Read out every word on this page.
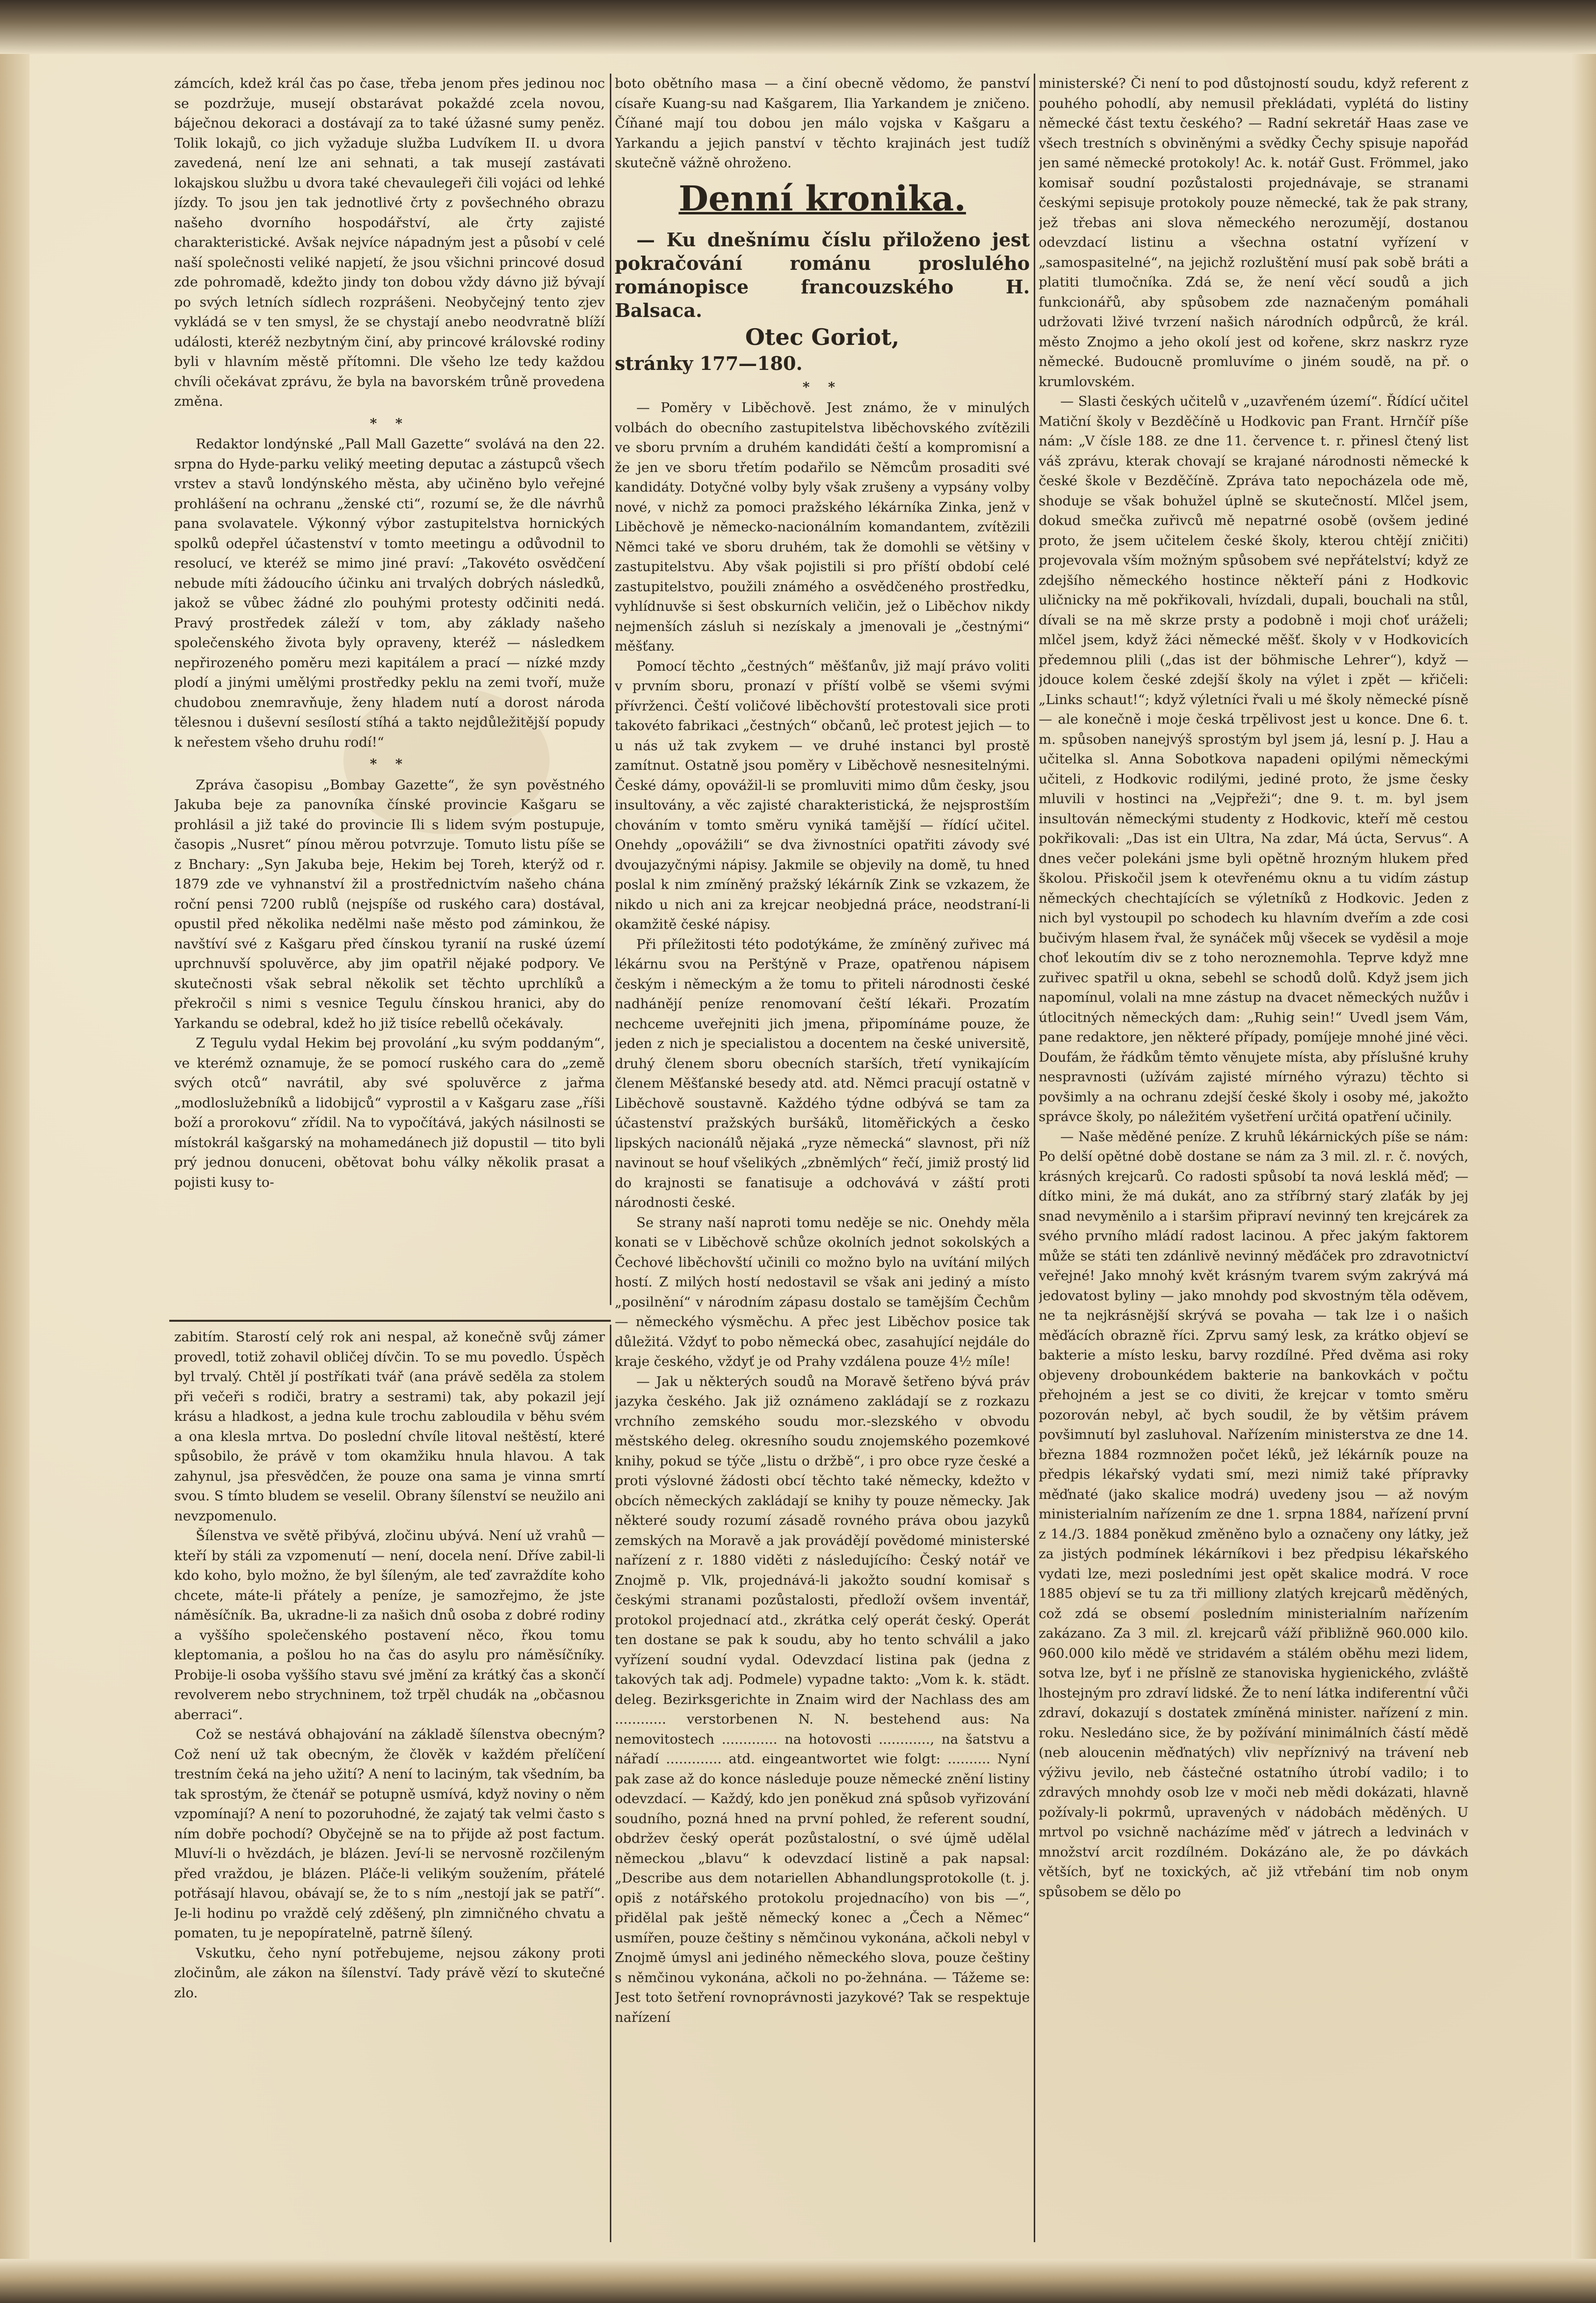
zámcích, kdež král čas po čase, třeba jenom přes jedinou noc se pozdržuje, musejí obstarávat pokaždé zcela novou, báječnou dekoraci a dostávají za to také úžasné sumy peněz. Tolik lokajů, co jich vyžaduje služba Ludvíkem II. u dvora zavedená, není lze ani sehnati, a tak musejí zastávati lokajskou službu u dvora také chevaulegeři čili vojáci od lehké jízdy. To jsou jen tak jednotlivé črty z povšechného obrazu našeho dvorního hospodářství, ale črty zajisté charakteristické. Avšak nejvíce nápadným jest a působí v celé naší společnosti veliké napjetí, že jsou všichni princové dosud zde pohromadě, kdežto jindy ton dobou vždy dávno již bývají po svých letních sídlech rozprášeni. Neobyčejný tento zjev vykládá se v ten smysl, že se chystají anebo neodvratně blíží události, kteréž nezbytným činí, aby princové královské rodiny byli v hlavním městě přítomni. Dle všeho lze tedy každou chvíli očekávat zprávu, že byla na bavorském trůně provedena změna.

* *

Redaktor londýnské „Pall Mall Gazette“ svolává na den 22. srpna do Hyde-parku veliký meeting deputac a zástupců všech vrstev a stavů londýnského města, aby učiněno bylo veřejné prohlášení na ochranu „ženské cti“, rozumí se, že dle návrhů pana svolavatele. Výkonný výbor zastupitelstva hornických spolků odepřel účastenství v tomto meetingu a odůvodnil to resolucí, ve kteréž se mimo jiné praví: „Takovéto osvědčení nebude míti žádoucího účinku ani trvalých dobrých následků, jakož se vůbec žádné zlo pouhými protesty odčiniti nedá. Pravý prostředek záleží v tom, aby základy našeho společenského života byly opraveny, kteréž — následkem nepřirozeného poměru mezi kapitálem a prací — nízké mzdy plodí a jinými umělými prostředky peklu na zemi tvoří, muže chudobou znemravňuje, ženy hladem nutí a dorost národa tělesnou i duševní sesílostí stíhá a takto nejdůležitější popudy k neřestem všeho druhu rodí!“

* *

Zpráva časopisu „Bombay Gazette“, že syn pověstného Jakuba beje za panovníka čínské provincie Kašgaru se prohlásil a již také do provincie Ili s lidem svým postupuje, časopis „Nusret“ pínou měrou potvrzuje. Tomuto listu píše se z Bnchary: „Syn Jakuba beje, Hekim bej Toreh, kterýž od r. 1879 zde ve vyhnanství žil a prostřednictvím našeho chána roční pensi 7200 rublů (nejspíše od ruského cara) dostával, opustil před několika nedělmi naše město pod záminkou, že navštíví své z Kašgaru před čínskou tyranií na ruské území uprchnuvší spoluvěrce, aby jim opatřil nějaké podpory. Ve skutečnosti však sebral několik set těchto uprchlíků a překročil s nimi s vesnice Tegulu čínskou hranici, aby do Yarkandu se odebral, kdež ho již tisíce rebellů očekávaly.

Z Tegulu vydal Hekim bej provolání „ku svým poddaným“, ve kterémž oznamuje, že se pomocí ruského cara do „země svých otců“ navrátil, aby své spoluvěrce z jařma „modloslužebníků a lidobijců“ vyprostil a v Kašgaru zase „říši boží a prorokovu“ zřídil. Na to vypočítává, jakých násilnosti se místokrál kašgarský na mohamedánech již dopustil — tito byli prý jednou donuceni, obětovat bohu války několik prasat a pojisti kusy to-

boto obětního masa — a činí obecně vědomo, že panství císaře Kuang-su nad Kašgarem, Ilia Yarkandem je zničeno. Číňané mají tou dobou jen málo vojska v Kašgaru a Yarkandu a jejich panství v těchto krajinách jest tudíž skutečně vážně ohroženo.

Denní kronika.

— Ku dnešnímu číslu přiloženo jest pokračování románu proslulého románopisce francouzského H. Balsaca.

Otec Goriot,
stránky 177—180.
* *

— Poměry v Liběchově. Jest známo, že v minulých volbách do obecního zastupitelstva liběchovského zvítězili ve sboru prvním a druhém kandidáti čeští a kompromisní a že jen ve sboru třetím podařilo se Němcům prosaditi své kandidáty. Dotyčné volby byly však zrušeny a vypsány volby nové, v nichž za pomoci pražského lékárníka Zinka, jenž v Liběchově je německo-nacionálním komandantem, zvítězili Němci také ve sboru druhém, tak že domohli se většiny v zastupitelstvu. Aby však pojistili si pro příští období celé zastupitelstvo, použili známého a osvědčeného prostředku, vyhlídnuvše si šest obskurních veličin, jež o Liběchov nikdy nejmenších zásluh si nezískaly a jmenovali je „čestnými“ měšťany.

Pomocí těchto „čestných“ měšťanův, již mají právo voliti v prvním sboru, pronazí v příští volbě se všemi svými přívrženci. Čeští voličové liběchovští protestovali sice proti takovéto fabrikaci „čestných“ občanů, leč protest jejich — to u nás už tak zvykem — ve druhé instanci byl prostě zamítnut. Ostatně jsou poměry v Liběchově nesnesitelnými. České dámy, opovážil-li se promluviti mimo dům česky, jsou insultovány, a věc zajisté charakteristická, že nejsprostším chováním v tomto směru vyniká tamější — řídící učitel. Onehdy „opovážili“ se dva živnostníci opatřiti závody své dvoujazyčnými nápisy. Jakmile se objevily na domě, tu hned poslal k nim zmíněný pražský lékárník Zink se vzkazem, že nikdo u nich ani za krejcar neobjedná práce, neodstraní-li okamžitě české nápisy.

Při příležitosti této podotýkáme, že zmíněný zuřivec má lékárnu svou na Perštýně v Praze, opatřenou nápisem českým i německým a že tomu to přiteli národnosti české nadhánějí peníze renomovaní čeští lékaři. Prozatím nechceme uveřejniti jich jmena, připomínáme pouze, že jeden z nich je specialistou a docentem na české universitě, druhý členem sboru obecních starších, třetí vynikajícím členem Měšťanské besedy atd. atd. Němci pracují ostatně v Liběchově soustavně. Každého týdne odbývá se tam za účastenství pražských buršáků, litoměřických a česko lipských nacionálů nějaká „ryze německá“ slavnost, při níž navinout se houf všelikých „zbněmlých“ řečí, jimiž prostý lid do krajnosti se fanatisuje a odchovává v záští proti národnosti české.

Se strany naší naproti tomu neděje se nic. Onehdy měla konati se v Liběchově schůze okolních jednot sokolských a Čechové liběchovští učinili co možno bylo na uvítání milých hostí. Z milých hostí nedostavil se však ani jediný a místo „posilnění“ v národním zápasu dostalo se tamějším Čechům — německého výsměchu. A přec jest Liběchov posice tak důležitá. Vždyť to pobo německá obec, zasahující nejdále do kraje českého, vždyť je od Prahy vzdálena pouze 4½ míle!

— Jak u některých soudů na Moravě šetřeno bývá práv jazyka českého. Jak již oznámeno zakládají se z rozkazu vrchního zemského soudu mor.-slezského v obvodu městského deleg. okresního soudu znojemského pozemkové knihy, pokud se týče „listu o držbě“, i pro obce ryze české a proti výslovné žádosti obcí těchto také německy, kdežto v obcích německých zakládají se knihy ty pouze německy. Jak některé soudy rozumí zásadě rovného práva obou jazyků zemských na Moravě a jak provádějí povědomé ministerské nařízení z r. 1880 viděti z následujícího: Český notář ve Znojmě p. Vlk, projednává-li jakožto soudní komisař s českými stranami pozůstalosti, předloží ovšem inventář, protokol projednací atd., zkrátka celý operát český. Operát ten dostane se pak k soudu, aby ho tento schválil a jako vyřízení soudní vydal. Odevzdací listina pak (jedna z takových tak adj. Podmele) vypadne takto: „Vom k. k. städt. deleg. Bezirksgerichte in Znaim wird der Nachlass des am ............ verstorbenen N. N. bestehend aus: Na nemovitostech ............. na hotovosti ............, na šatstvu a nářadí ............. atd. eingeantwortet wie folgt: .......... Nyní pak zase až do konce následuje pouze německé znění listiny odevzdací. — Každý, kdo jen poněkud zná spůsob vyřizování soudního, pozná hned na první pohled, že referent soudní, obdržev český operát pozůstalostní, o své újmě udělal německou „blavu“ k odevzdací listině a pak napsal: „Describe aus dem notariellen Abhandlungsprotokolle (t. j. opiš z notářského protokolu projednacího) von bis —“, přidělal pak ještě německý konec a „Čech a Němec“ usmířen, pouze češtiny s němčinou vykonána, ačkoli nebyl v Znojmě úmysl ani jediného německého slova, pouze češtiny s němčinou vykonána, ačkoli no po-žehnána. — Tážeme se: Jest toto šetření rovnoprávnosti jazykové? Tak se respektuje nařízení

ministerské? Či není to pod důstojností soudu, když referent z pouhého pohodlí, aby nemusil překládati, vyplétá do listiny německé část textu českého? — Radní sekretář Haas zase ve všech trestních s obviněnými a svědky Čechy spisuje napořád jen samé německé protokoly! Ac. k. notář Gust. Frömmel, jako komisař soudní pozůstalosti projednávaje, se stranami českými sepisuje protokoly pouze německé, tak že pak strany, jež třebas ani slova německého nerozumějí, dostanou odevzdací listinu a všechna ostatní vyřízení v „samospasitelné“, na jejichž rozluštění musí pak sobě bráti a platiti tlumočníka. Zdá se, že není věcí soudů a jich funkcionářů, aby spůsobem zde naznačeným pomáhali udržovati lživé tvrzení našich národních odpůrců, že král. město Znojmo a jeho okolí jest od kořene, skrz naskrz ryze německé. Budoucně promluvíme o jiném soudě, na př. o krumlovském.

— Slasti českých učitelů v „uzavřeném území“. Řídící učitel Matiční školy v Bezděčíně u Hodkovic pan Frant. Hrnčíř píše nám: „V čísle 188. ze dne 11. července t. r. přinesl čtený list váš zprávu, kterak chovají se krajané národnosti německé k české škole v Bezděčíně. Zpráva tato nepocházela ode mě, shoduje se však bohužel úplně se skutečností. Mlčel jsem, dokud smečka zuřivců mě nepatrné osobě (ovšem jediné proto, že jsem učitelem české školy, kterou chtějí zničiti) projevovala vším možným spůsobem své nepřátelství; když ze zdejšího německého hostince někteří páni z Hodkovic uličnicky na mě pokřikovali, hvízdali, dupali, bouchali na stůl, dívali se na mě skrze prsty a podobně i moji choť uráželi; mlčel jsem, když žáci německé měšť. školy v v Hodkovicích předemnou plili („das ist der böhmische Lehrer“), když — jdouce kolem české zdejší školy na výlet i zpět — křičeli: „Links schaut!“; když výletníci řvali u mé školy německé písně — ale konečně i moje česká trpělivost jest u konce. Dne 6. t. m. spůsoben nanejvýš sprostým byl jsem já, lesní p. J. Hau a učitelka sl. Anna Sobotkova napadeni opilými německými učiteli, z Hodkovic rodilými, jediné proto, že jsme česky mluvili v hostinci na „Vejpřeži“; dne 9. t. m. byl jsem insultován německými studenty z Hodkovic, kteří mě cestou pokřikovali: „Das ist ein Ultra, Na zdar, Má úcta, Servus“. A dnes večer polekáni jsme byli opětně hrozným hlukem před školou. Přiskočil jsem k otevřenému oknu a tu vidím zástup německých chechtajících se výletníků z Hodkovic. Jeden z nich byl vystoupil po schodech ku hlavním dveřím a zde cosi bučivým hlasem řval, že synáček můj všecek se vyděsil a moje choť lekoutím div se z toho neroznemohla. Teprve když mne zuřivec spatřil u okna, sebehl se schodů dolů. Když jsem jich napomínul, volali na mne zástup na dvacet německých nužův i útlocitných německých dam: „Ruhig sein!“ Uvedl jsem Vám, pane redaktore, jen některé případy, pomíjeje mnohé jiné věci. Doufám, že řádkům těmto věnujete místa, aby příslušné kruhy nespravnosti (užívám zajisté mírného výrazu) těchto si povšimly a na ochranu zdejší české školy i osoby mé, jakožto správce školy, po náležitém vyšetření určitá opatření učinily.

— Naše měděné peníze. Z kruhů lékárnických píše se nám: Po delší opětné době dostane se nám za 3 mil. zl. r. č. nových, krásných krejcarů. Co radosti spůsobí ta nová lesklá měď; — dítko mini, že má dukát, ano za stříbrný starý zlaťák by jej snad nevyměnilo a i staršim připraví nevinný ten krejcárek za svého prvního mládí radost lacinou. A přec jakým faktorem může se státi ten zdánlivě nevinný měďáček pro zdravotnictví veřejné! Jako mnohý květ krásným tvarem svým zakrývá má jedovatost byliny — jako mnohdy pod skvostným těla oděvem, ne ta nejkrásnější skrývá se povaha — tak lze i o našich měďácích obrazně říci. Zprvu samý lesk, za krátko objeví se bakterie a místo lesku, barvy rozdílné. Před dvěma asi roky objeveny drobounkédem bakterie na bankovkách v počtu přehojném a jest se co diviti, že krejcar v tomto směru pozorován nebyl, ač bych soudil, že by většim právem povšimnutí byl zasluhoval. Nařízením ministerstva ze dne 14. března 1884 rozmnožen počet léků, jež lékárník pouze na předpis lékařský vydati smí, mezi nimiž také přípravky měďnaté (jako skalice modrá) uvedeny jsou — až novým ministerialním nařízením ze dne 1. srpna 1884, nařízení první z 14./3. 1884 poněkud změněno bylo a označeny ony látky, jež za jistých podmínek lékárníkovi i bez předpisu lékařského vydati lze, mezi posledními jest opět skalice modrá. V roce 1885 objeví se tu za tři milliony zlatých krejcarů měděných, což zdá se obsemí posledním ministerialním nařízením zakázano. Za 3 mil. zl. krejcarů váží přibližně 960.000 kilo. 960.000 kilo mědě ve stridavém a stálém oběhu mezi lidem, sotva lze, byť i ne příslně ze stanoviska hygienického, zvláště lhostejným pro zdraví lidské. Že to není látka indiferentní vůči zdraví, dokazují s dostatek zmíněná minister. nařízení z min. roku. Nesledáno sice, že by požívání minimálních částí mědě (neb aloucenin měďnatých) vliv nepříznivý na trávení neb výživu jevilo, neb částečné ostatního útrobí vadilo; i to zdravých mnohdy osob lze v moči neb mědi dokázati, hlavně požívaly-li pokrmů, upravených v nádobách měděných. U mrtvol po vsichně nacházíme měď v játrech a ledvinách v množství arcit rozdílném. Dokázáno ale, že po dávkách větších, byť ne toxických, ač již vtřebání tim nob onym spůsobem se dělo po

zabitím. Starostí celý rok ani nespal, až konečně svůj zámer provedl, totiž zohavil obličej dívčin. To se mu povedlo. Úspěch byl trvalý. Chtěl jí postříkati tvář (ana právě seděla za stolem při večeři s rodiči, bratry a sestrami) tak, aby pokazil její krásu a hladkost, a jedna kule trochu zabloudila v běhu svém a ona klesla mrtva. Do poslední chvíle litoval neštěstí, které spůsobilo, že právě v tom okamžiku hnula hlavou. A tak zahynul, jsa přesvědčen, že pouze ona sama je vinna smrtí svou. S tímto bludem se veselil. Obrany šílenství se neužilo ani nevzpomenulo.

Šílenstva ve světě přibývá, zločinu ubývá. Není už vrahů — kteří by stáli za vzpomenutí — není, docela není. Dříve zabil-li kdo koho, bylo možno, že byl šíleným, ale teď zavraždíte koho chcete, máte-li přátely a peníze, je samozřejmo, že jste náměsíčník. Ba, ukradne-li za našich dnů osoba z dobré rodiny a vyššího společenského postavení něco, řkou tomu kleptomania, a pošlou ho na čas do asylu pro náměsíčníky. Probije-li osoba vyššího stavu své jmění za krátký čas a skončí revolverem nebo strychninem, tož trpěl chudák na „občasnou aberraci“.

Což se nestává obhajování na základě šílenstva obecným? Což není už tak obecným, že člověk v každém přelíčení trestním čeká na jeho užití? A není to laciným, tak všedním, ba tak sprostým, že čtenář se potupně usmívá, když noviny o něm vzpomínají? A není to pozoruhodné, že zajatý tak velmi často s ním dobře pochodí? Obyčejně se na to přijde až post factum. Mluví-li o hvězdách, je blázen. Jeví-li se nervosně rozčileným před vraždou, je blázen. Pláče-li velikým soužením, přátelé potřásají hlavou, obávají se, že to s ním „nestojí jak se patří“. Je-li hodinu po vraždě celý zděšený, pln zimničného chvatu a pomaten, tu je nepopíratelně, patrně šílený.

Vskutku, čeho nyní potřebujeme, nejsou zákony proti zločinům, ale zákon na šílenství. Tady právě vězí to skutečné zlo.
